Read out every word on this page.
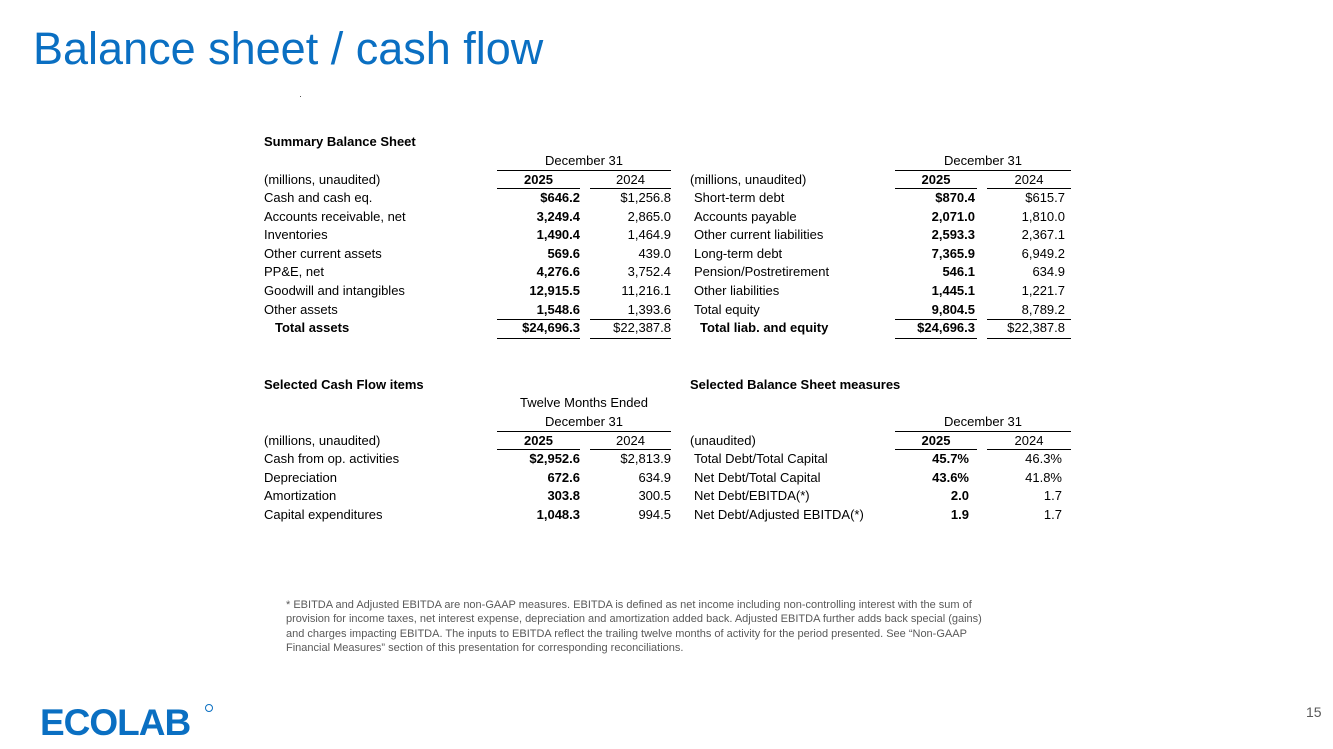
Balance sheet / cash flow
Summary Balance Sheet
December 31
(millions, unaudited)	2025	2024
Cash and cash eq.	$646.2	$1,256.8
Accounts receivable, net	3,249.4	2,865.0
Inventories	1,490.4	1,464.9
Other current assets	569.6	439.0
PP&E, net	4,276.6	3,752.4
Goodwill and intangibles	12,915.5	11,216.1
Other assets	1,548.6	1,393.6
Total assets	$24,696.3	$22,387.8
December 31
(millions, unaudited)	2025	2024
Short-term debt	$870.4	$615.7
Accounts payable	2,071.0	1,810.0
Other current liabilities	2,593.3	2,367.1
Long-term debt	7,365.9	6,949.2
Pension/Postretirement	546.1	634.9
Other liabilities	1,445.1	1,221.7
Total equity	9,804.5	8,789.2
Total liab. and equity	$24,696.3 $22,387.8
Selected Cash Flow items
Twelve Months Ended
December 31
(millions, unaudited)	2025	2024
Cash from op. activities	$2,952.6	$2,813.9
Depreciation	672.6	634.9
Amortization	303.8	300.5
Capital expenditures	1,048.3	994.5
Selected Balance Sheet measures
December 31
(unaudited)	2025	2024
Total Debt/Total Capital	45.7%	46.3%
Net Debt/Total Capital	43.6%	41.8%
Net Debt/EBITDA(*)	2.0	1.7
Net Debt/Adjusted EBITDA(*)	1.9	1.7
* EBITDA and Adjusted EBITDA are non-GAAP measures. EBITDA is defined as net income including non-controlling interest with the sum of provision for income taxes, net interest expense, depreciation and amortization added back. Adjusted EBITDA further adds back special (gains) and charges impacting EBITDA. The inputs to EBITDA reflect the trailing twelve months of activity for the period presented. See “Non-GAAP Financial Measures” section of this presentation for corresponding reconciliations.
ECOLAB	15
